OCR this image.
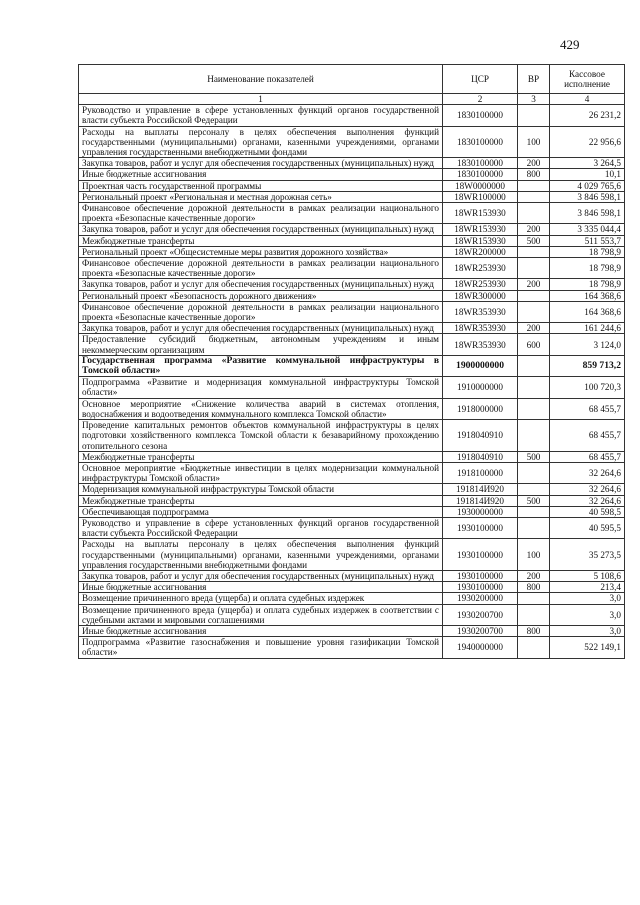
429
Наименование показателей	ЦСР	ВР	Кассовое исполнение
1	2	3	4
Руководство и управление в сфере установленных функций органов государственной власти субъекта Российской Федерации	1830100000		26 231,2
Расходы на выплаты персоналу в целях обеспечения выполнения функций государственными (муниципальными) органами, казенными учреждениями, органами управления государственными внебюджетными фондами	1830100000	100	22 956,6
Закупка товаров, работ и услуг для обеспечения государственных (муниципальных) нужд	1830100000	200	3 264,5
Иные бюджетные ассигнования	1830100000	800	10,1
Проектная часть государственной программы	18W0000000		4 029 765,6
Региональный проект «Региональная и местная дорожная сеть»	18WR100000		3 846 598,1
Финансовое обеспечение дорожной деятельности в рамках реализации национального проекта «Безопасные качественные дороги»	18WR153930		3 846 598,1
Закупка товаров, работ и услуг для обеспечения государственных (муниципальных) нужд	18WR153930	200	3 335 044,4
Межбюджетные трансферты	18WR153930	500	511 553,7
Региональный проект «Общесистемные меры развития дорожного хозяйства»	18WR200000		18 798,9
Финансовое обеспечение дорожной деятельности в рамках реализации национального проекта «Безопасные качественные дороги»	18WR253930		18 798,9
Закупка товаров, работ и услуг для обеспечения государственных (муниципальных) нужд	18WR253930	200	18 798,9
Региональный проект «Безопасность дорожного движения»	18WR300000		164 368,6
Финансовое обеспечение дорожной деятельности в рамках реализации национального проекта «Безопасные качественные дороги»	18WR353930		164 368,6
Закупка товаров, работ и услуг для обеспечения государственных (муниципальных) нужд	18WR353930	200	161 244,6
Предоставление субсидий бюджетным, автономным учреждениям и иным некоммерческим организациям	18WR353930	600	3 124,0
Государственная программа «Развитие коммунальной инфраструктуры в Томской области»	1900000000		859 713,2
Подпрограмма «Развитие и модернизация коммунальной инфраструктуры Томской области»	1910000000		100 720,3
Основное мероприятие «Снижение количества аварий в системах отопления, водоснабжения и водоотведения коммунального комплекса Томской области»	1918000000		68 455,7
Проведение капитальных ремонтов объектов коммунальной инфраструктуры в целях подготовки хозяйственного комплекса Томской области к безаварийному прохождению отопительного сезона	1918040910		68 455,7
Межбюджетные трансферты	1918040910	500	68 455,7
Основное мероприятие «Бюджетные инвестиции в целях модернизации коммунальной инфраструктуры Томской области»	1918100000		32 264,6
Модернизация коммунальной инфраструктуры Томской области	191814И920		32 264,6
Межбюджетные трансферты	191814И920	500	32 264,6
Обеспечивающая подпрограмма	1930000000		40 598,5
Руководство и управление в сфере установленных функций органов государственной власти субъекта Российской Федерации	1930100000		40 595,5
Расходы на выплаты персоналу в целях обеспечения выполнения функций государственными (муниципальными) органами, казенными учреждениями, органами управления государственными внебюджетными фондами	1930100000	100	35 273,5
Закупка товаров, работ и услуг для обеспечения государственных (муниципальных) нужд	1930100000	200	5 108,6
Иные бюджетные ассигнования	1930100000	800	213,4
Возмещение причиненного вреда (ущерба) и оплата судебных издержек	1930200000		3,0
Возмещение причиненного вреда (ущерба) и оплата судебных издержек в соответствии с судебными актами и мировыми соглашениями	1930200700		3,0
Иные бюджетные ассигнования	1930200700	800	3,0
Подпрограмма «Развитие газоснабжения и повышение уровня газификации Томской области»	1940000000		522 149,1
